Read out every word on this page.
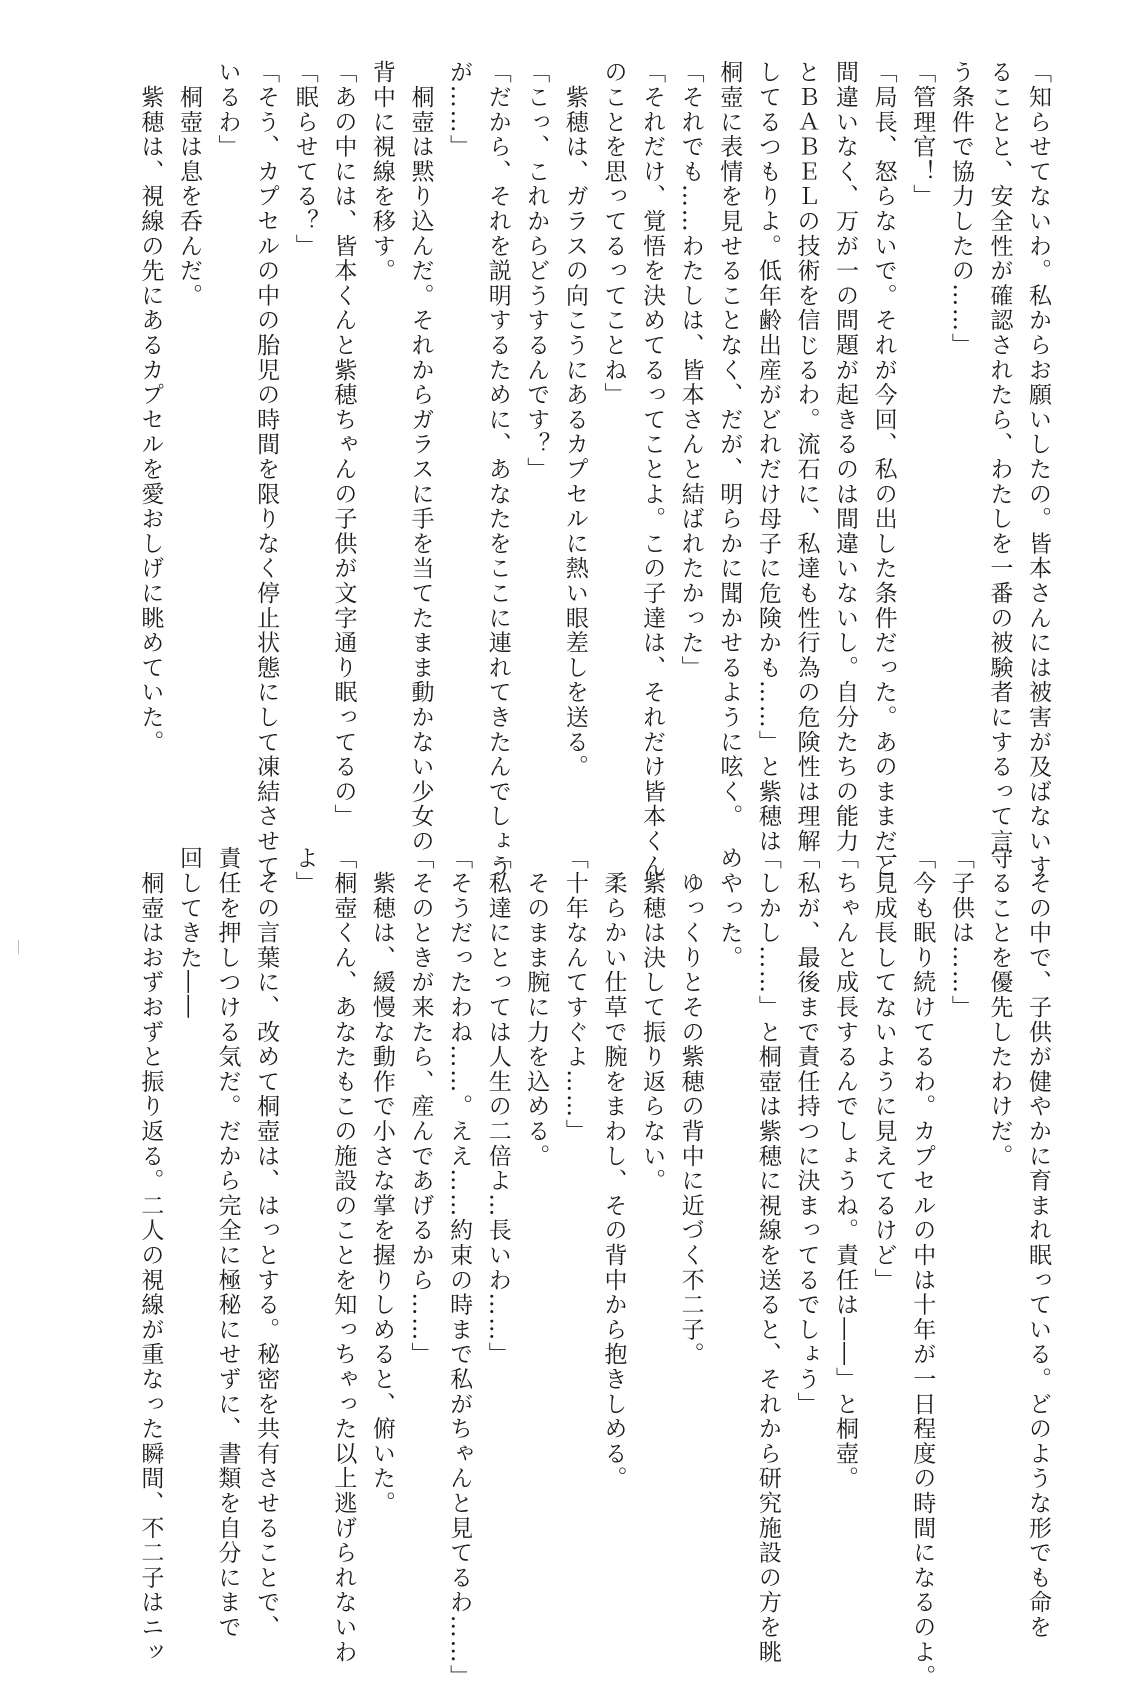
「知らせてないわ。私からお願いしたの。皆本さんには被害が及ばないす
ることと、安全性が確認されたら、わたしを一番の被験者にするって言
う条件で協力したの……」
「管理官！」
「局長、怒らないで。それが今回、私の出した条件だった。あのままだと
間違いなく、万が一の問題が起きるのは間違いないし。自分たちの能力
とＢＡＢＥＬの技術を信じるわ。流石に、私達も性行為の危険性は理解
してるつもりよ。低年齢出産がどれだけ母子に危険かも……」と紫穂は
桐壺に表情を見せることなく、だが、明らかに聞かせるように呟く。
「それでも……わたしは、皆本さんと結ばれたかった」
「それだけ、覚悟を決めてるってことよ。この子達は、それだけ皆本くん
のことを思ってるってことね」
　紫穂は、ガラスの向こうにあるカプセルに熱い眼差しを送る。
「こっ、これからどうするんです？」
「だから、それを説明するために、あなたをここに連れてきたんでしょう
が……」
　桐壺は黙り込んだ。それからガラスに手を当てたまま動かない少女の
背中に視線を移す。
「あの中には、皆本くんと紫穂ちゃんの子供が文字通り眠ってるの」
「眠らせてる？」
「そう、カプセルの中の胎児の時間を限りなく停止状態にして凍結させて
いるわ」
　桐壺は息を呑んだ。
　紫穂は、視線の先にあるカプセルを愛おしげに眺めていた。
　その中で、子供が健やかに育まれ眠っている。どのような形でも命を
守ることを優先したわけだ。
「子供は……」
「今も眠り続けてるわ。カプセルの中は十年が一日程度の時間になるのよ。
一見成長してないように見えてるけど」
「ちゃんと成長するんでしょうね。責任は――」と桐壺。
「私が、最後まで責任持つに決まってるでしょう」
「しかし……」と桐壺は紫穂に視線を送ると、それから研究施設の方を眺
めやった。
　ゆっくりとその紫穂の背中に近づく不二子。
　紫穂は決して振り返らない。
　柔らかい仕草で腕をまわし、その背中から抱きしめる。
「十年なんてすぐよ……」
　そのまま腕に力を込める。
「私達にとっては人生の二倍よ…長いわ……」
「そうだったわね……。ええ……約束の時まで私がちゃんと見てるわ……」
「そのときが来たら、産んであげるから……」
　紫穂は、緩慢な動作で小さな掌を握りしめると、俯いた。
「桐壺くん、あなたもこの施設のことを知っちゃった以上逃げられないわ
よ」
　その言葉に、改めて桐壺は、はっとする。秘密を共有させることで、
責任を押しつける気だ。だから完全に極秘にせずに、書類を自分にまで
回してきた――
　桐壺はおずおずと振り返る。二人の視線が重なった瞬間、不二子はニッ
